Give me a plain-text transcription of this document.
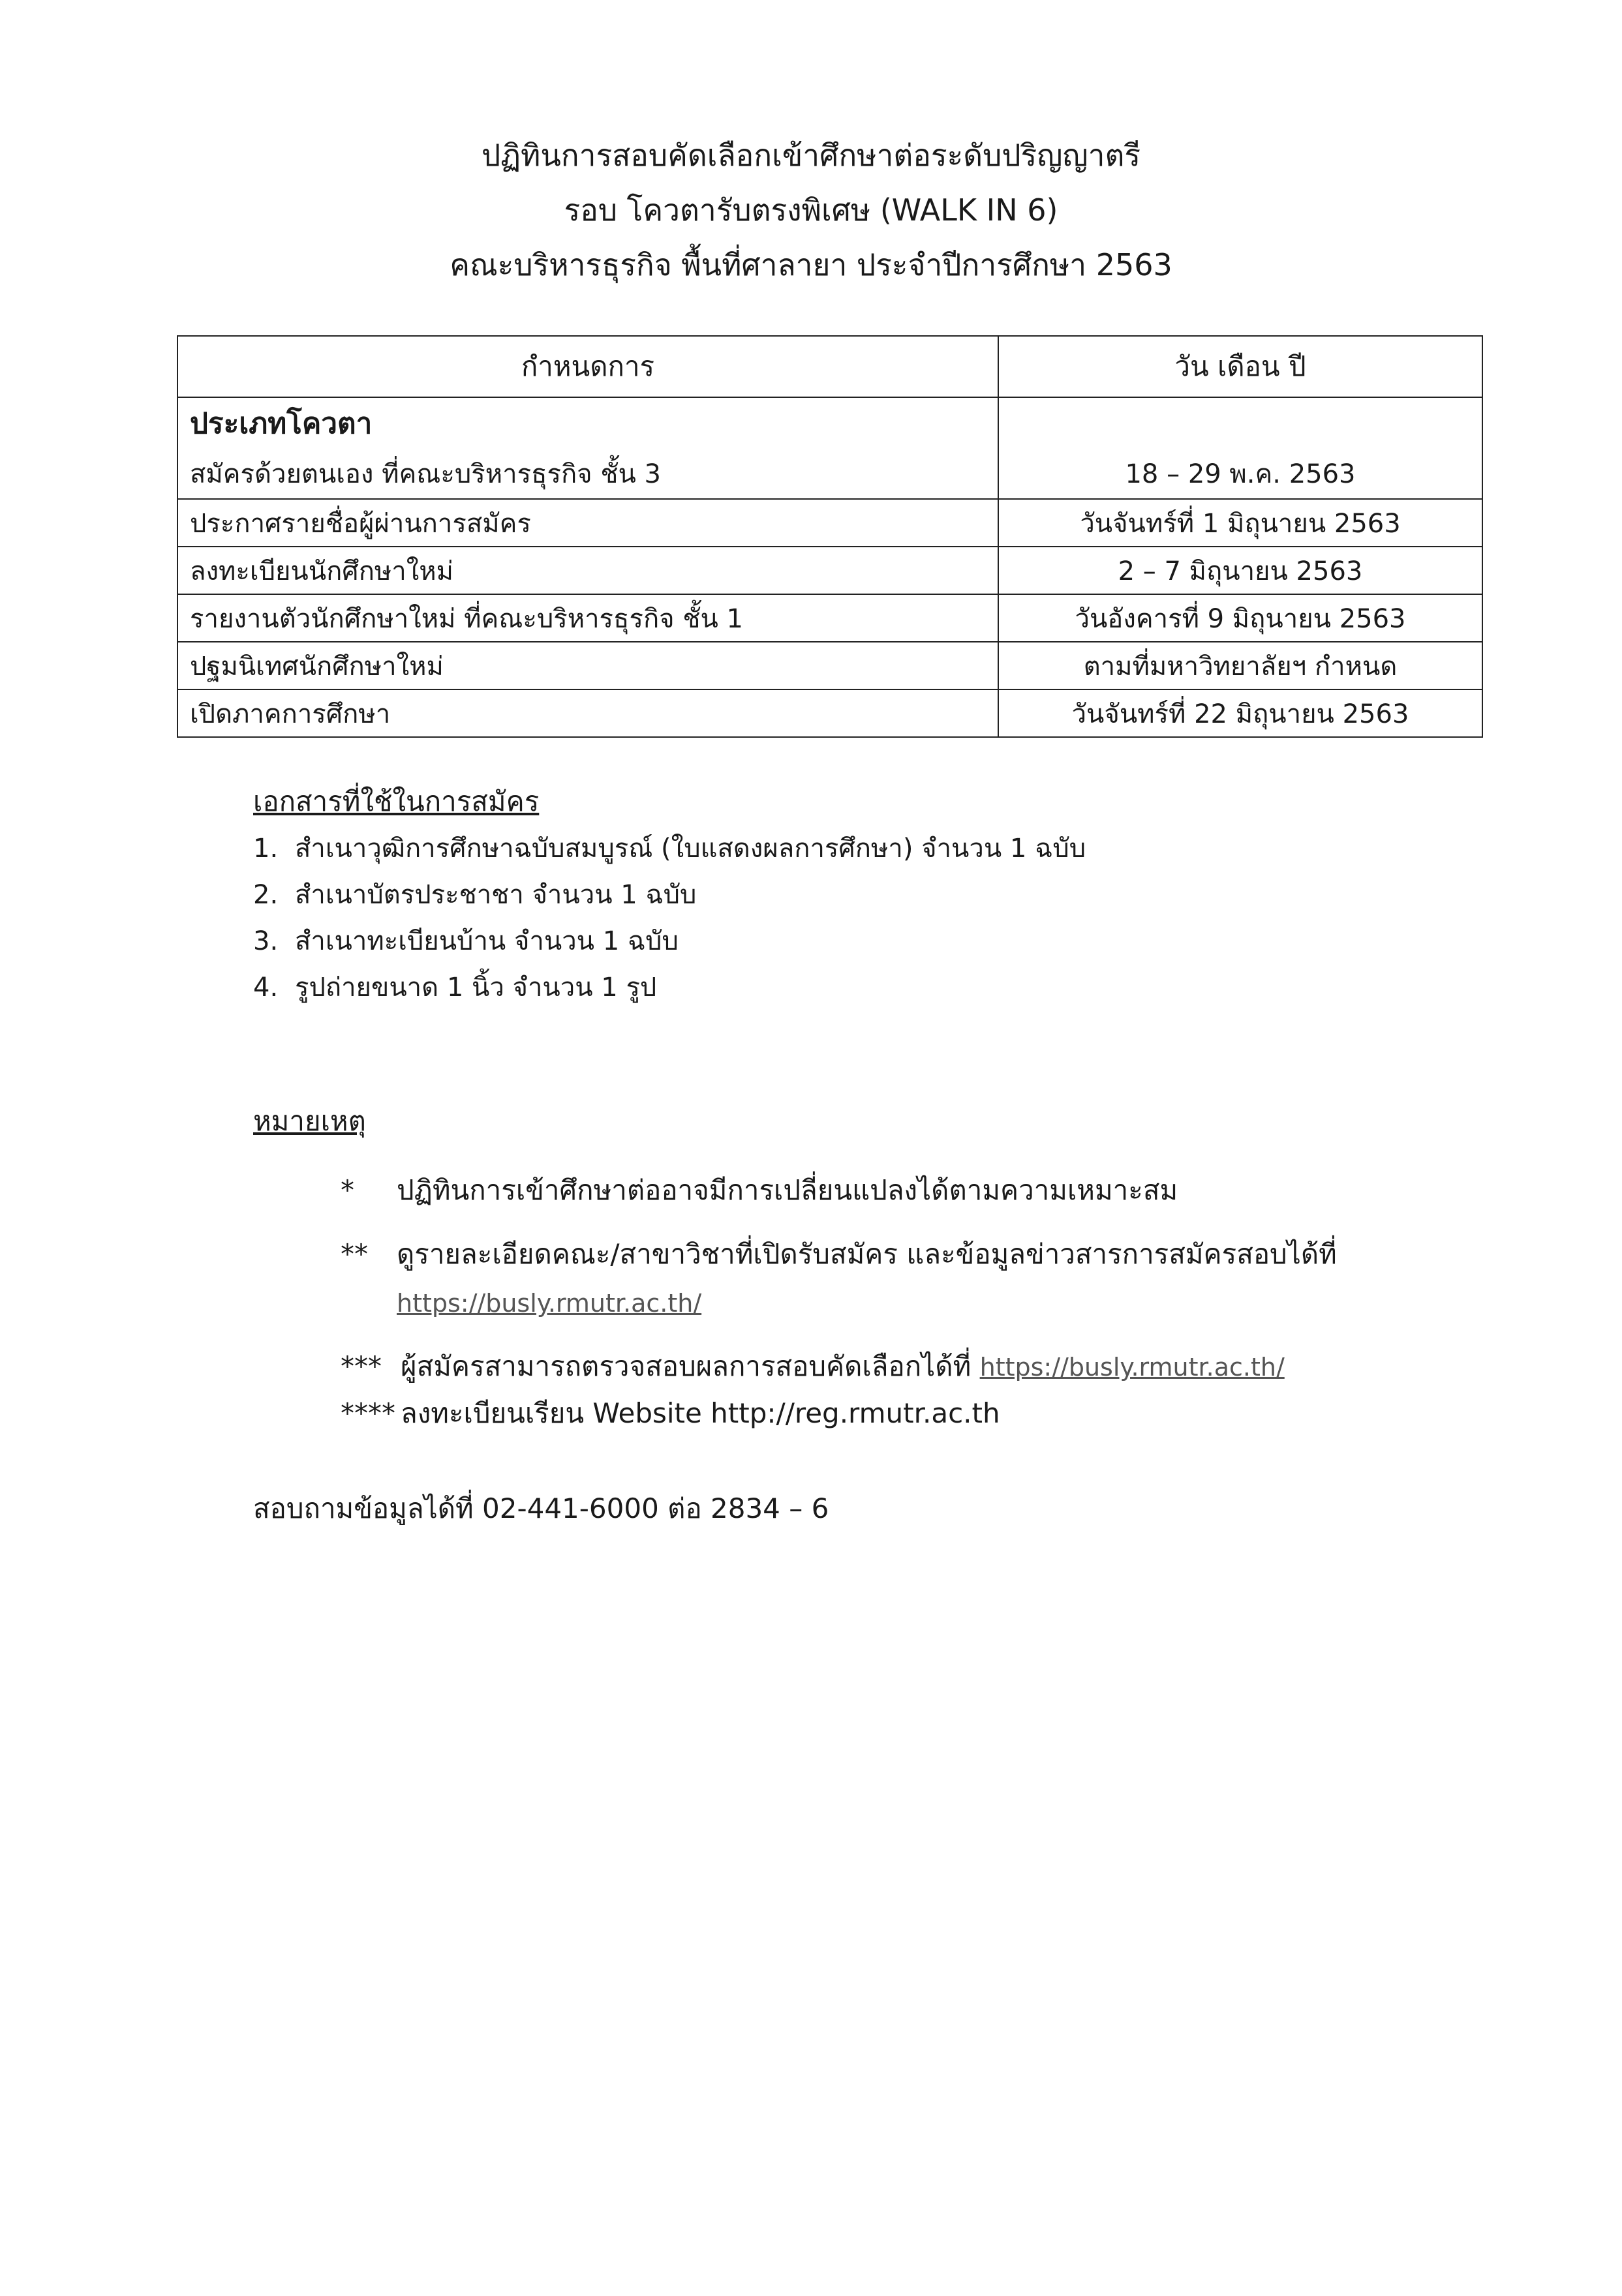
ปฏิทินการสอบคัดเลือกเข้าศึกษาต่อระดับปริญญาตรี
รอบ โควตารับตรงพิเศษ (WALK IN 6)
คณะบริหารธุรกิจ พื้นที่ศาลายา ประจำปีการศึกษา 2563
กำหนดการ	วัน เดือน ปี

ประเภทโควตา
สมัครด้วยตนเอง ที่คณะบริหารธุรกิจ ชั้น 3	18 – 29 พ.ค. 2563

ประกาศรายชื่อผู้ผ่านการสมัคร	วันจันทร์ที่ 1 มิถุนายน 2563
ลงทะเบียนนักศึกษาใหม่	2 – 7 มิถุนายน 2563
รายงานตัวนักศึกษาใหม่ ที่คณะบริหารธุรกิจ ชั้น 1	วันอังคารที่ 9 มิถุนายน 2563
ปฐมนิเทศนักศึกษาใหม่	ตามที่มหาวิทยาลัยฯ กำหนด
เปิดภาคการศึกษา	วันจันทร์ที่ 22 มิถุนายน 2563
เอกสารที่ใช้ในการสมัคร
1. สำเนาวุฒิการศึกษาฉบับสมบูรณ์ (ใบแสดงผลการศึกษา) จำนวน 1 ฉบับ
2. สำเนาบัตรประชาชา จำนวน 1 ฉบับ
3. สำเนาทะเบียนบ้าน จำนวน 1 ฉบับ
4. รูปถ่ายขนาด 1 นิ้ว จำนวน 1 รูป
หมายเหตุ
* ปฏิทินการเข้าศึกษาต่ออาจมีการเปลี่ยนแปลงได้ตามความเหมาะสม
** ดูรายละเอียดคณะ/สาขาวิชาที่เปิดรับสมัคร และข้อมูลข่าวสารการสมัครสอบได้ที่
https://busly.rmutr.ac.th/
*** ผู้สมัครสามารถตรวจสอบผลการสอบคัดเลือกได้ที่ https://busly.rmutr.ac.th/
**** ลงทะเบียนเรียน Website http://reg.rmutr.ac.th
สอบถามข้อมูลได้ที่ 02-441-6000 ต่อ 2834 – 6
